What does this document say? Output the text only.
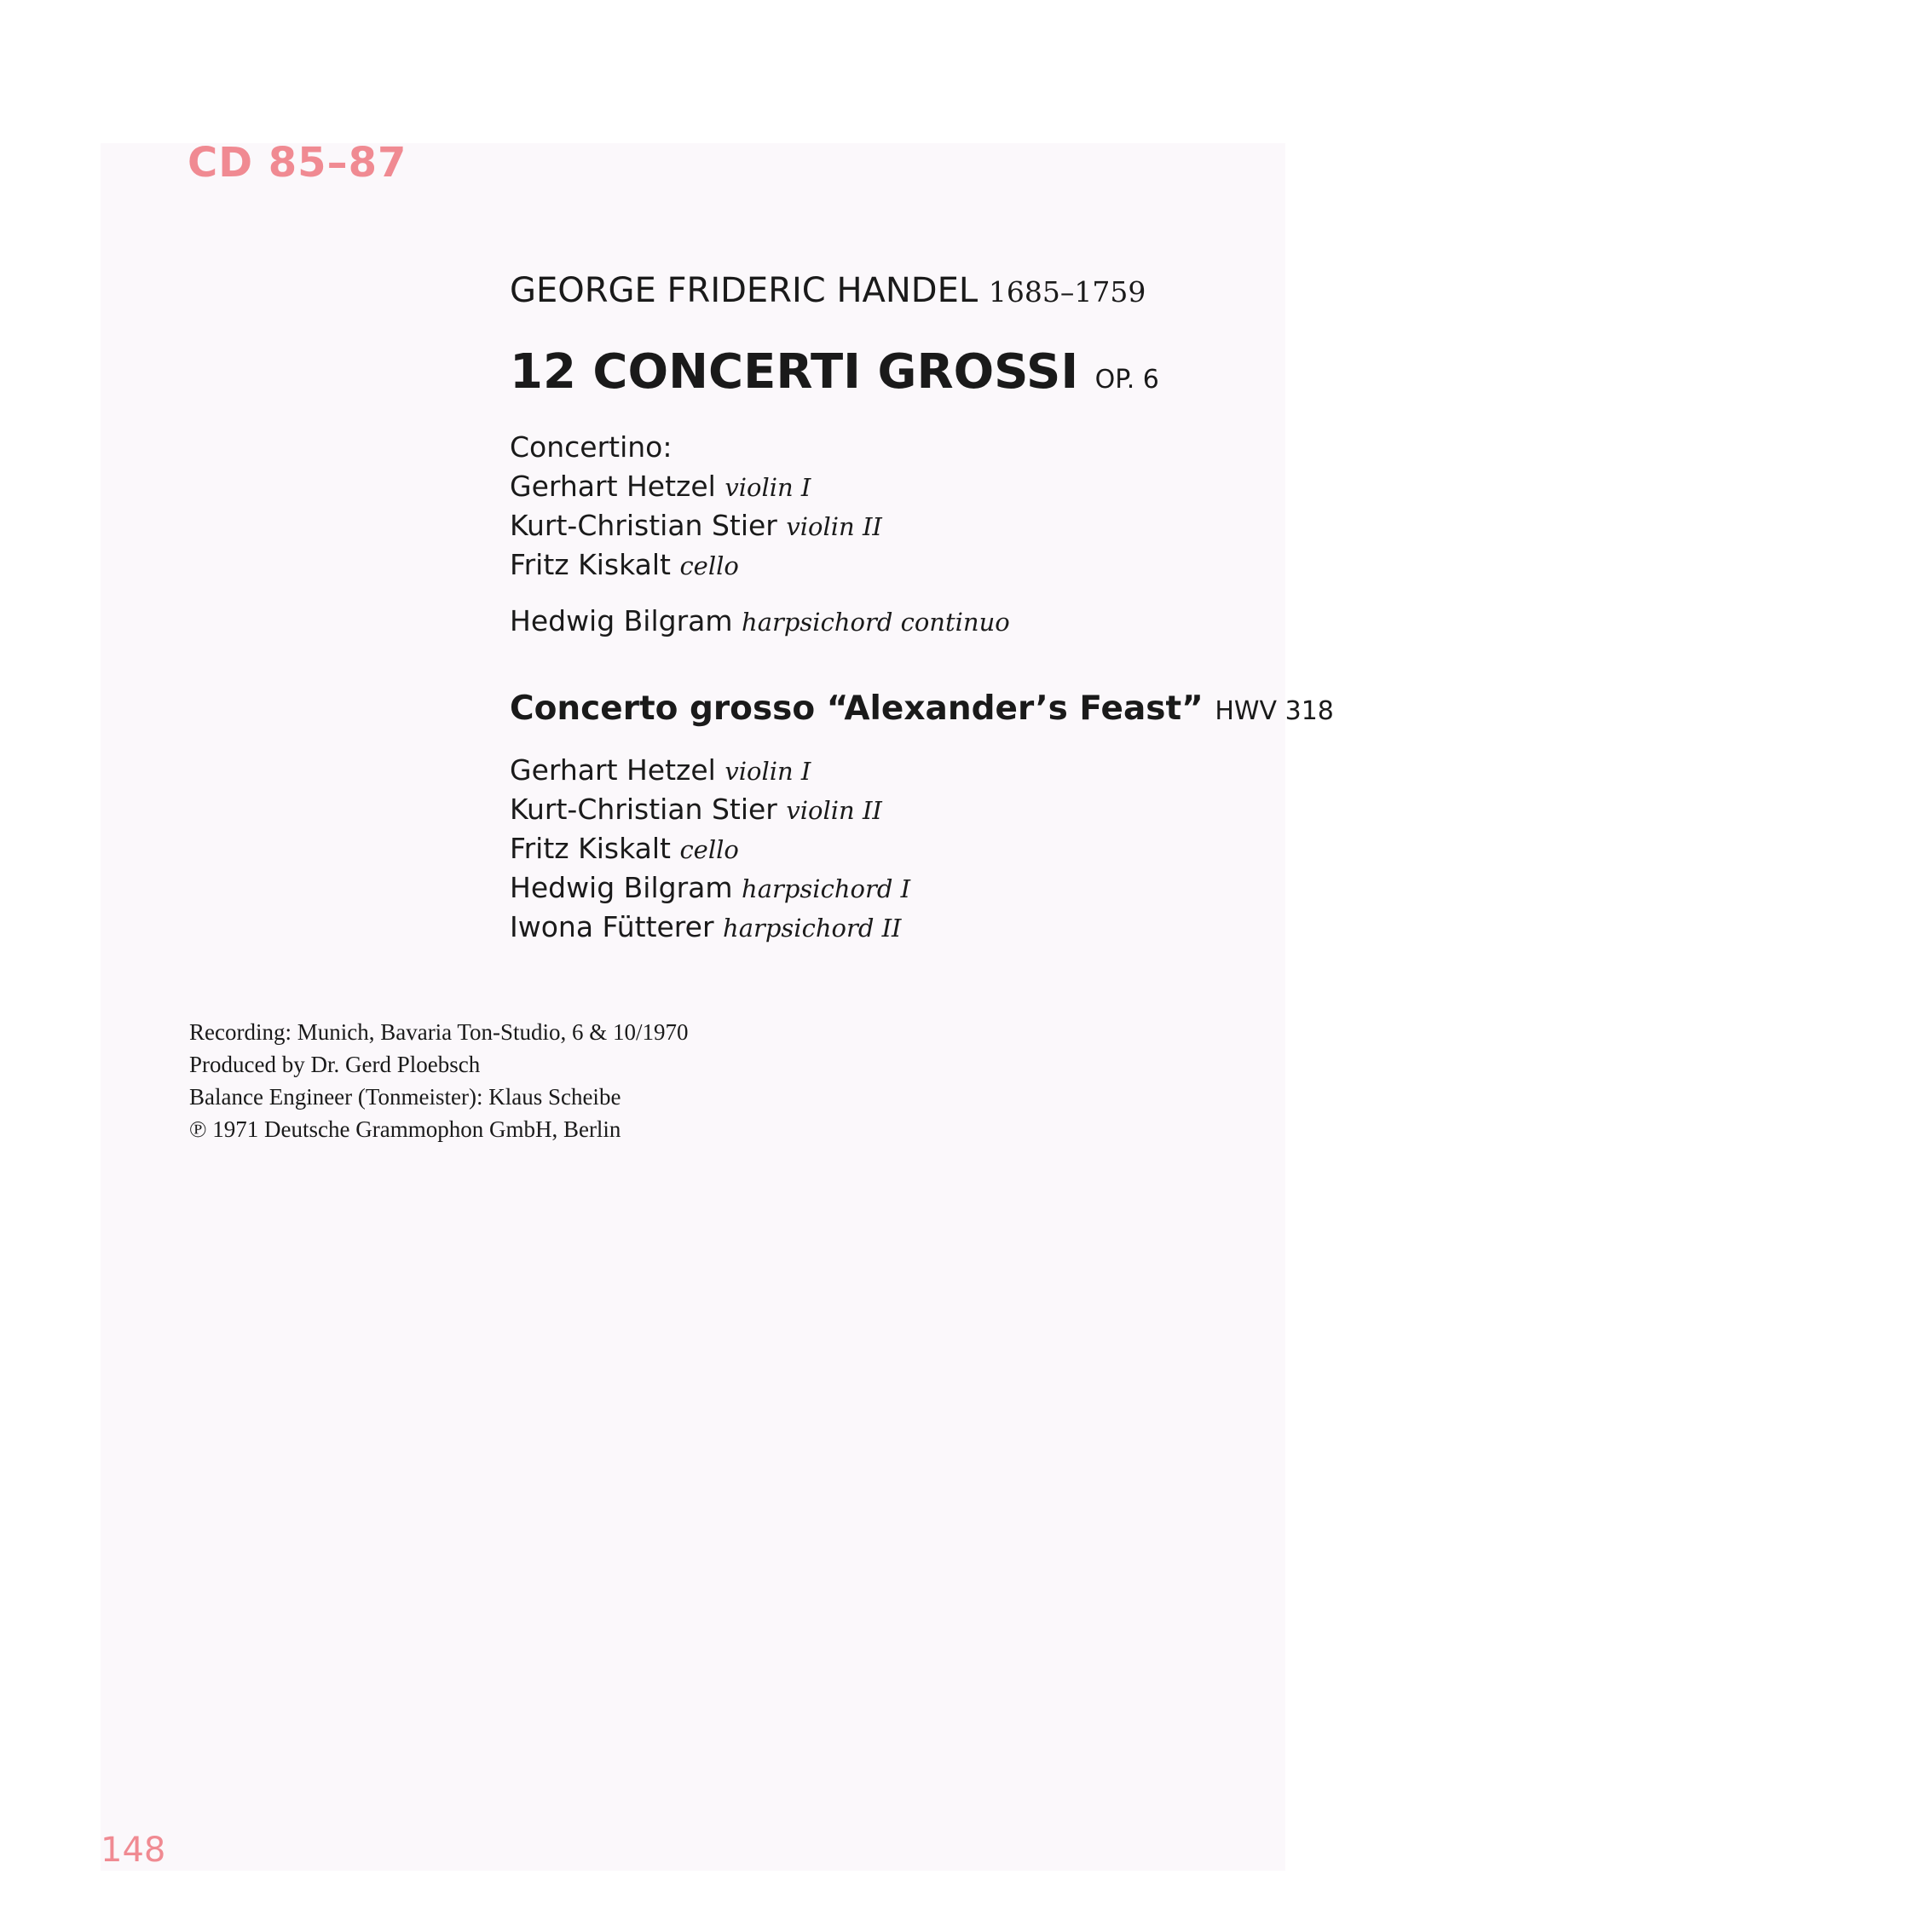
CD 85–87
GEORGE FRIDERIC HANDEL 1685–1759
12 CONCERTI GROSSI OP. 6
Concertino:
Gerhart Hetzel violin I
Kurt-Christian Stier violin II
Fritz Kiskalt cello
Hedwig Bilgram harpsichord continuo
Concerto grosso “Alexander’s Feast” HWV 318
Gerhart Hetzel violin I
Kurt-Christian Stier violin II
Fritz Kiskalt cello
Hedwig Bilgram harpsichord I
Iwona Fütterer harpsichord II
Recording: Munich, Bavaria Ton-Studio, 6 & 10/1970
Produced by Dr. Gerd Ploebsch
Balance Engineer (Tonmeister): Klaus Scheibe
℗ 1971 Deutsche Grammophon GmbH, Berlin

148
